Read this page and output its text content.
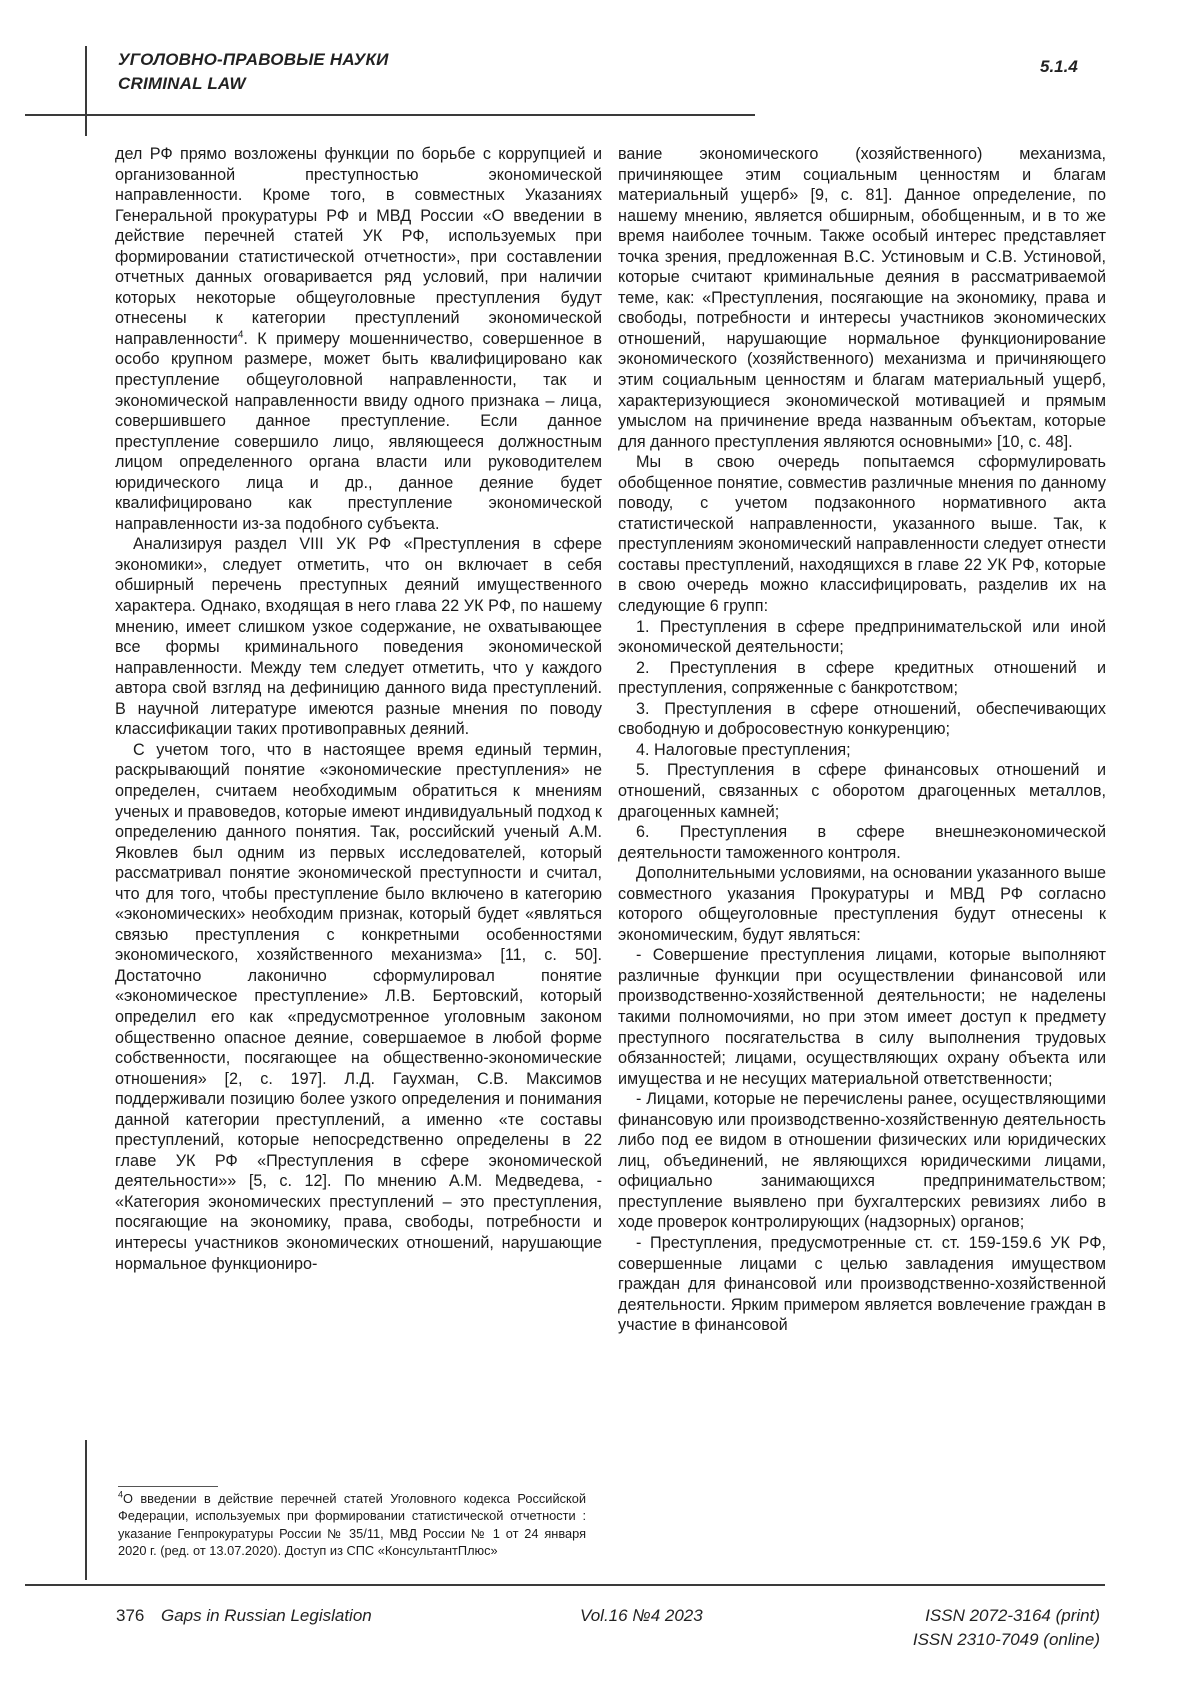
УГОЛОВНО-ПРАВОВЫЕ НАУКИ
CRIMINAL LAW
5.1.4

дел РФ прямо возложены функции по борьбе с коррупцией и организованной преступностью экономической направленности. Кроме того, в совместных Указаниях Генеральной прокуратуры РФ и МВД России «О введении в действие перечней статей УК РФ, используемых при формировании статистической отчетности», при составлении отчетных данных оговаривается ряд условий, при наличии которых некоторые общеуголовные преступления будут отнесены к категории преступлений экономической направленности$^4$. К примеру мошенничество, совершенное в особо крупном размере, может быть квалифицировано как преступление общеуголовной направленности, так и экономической направленности ввиду одного признака – лица, совершившего данное преступление. Если данное преступление совершило лицо, являющееся должностным лицом определенного органа власти или руководителем юридического лица и др., данное деяние будет квалифицировано как преступление экономической направленности из-за подобного субъекта.

Анализируя раздел VIII УК РФ «Преступления в сфере экономики», следует отметить, что он включает в себя обширный перечень преступных деяний имущественного характера. Однако, входящая в него глава 22 УК РФ, по нашему мнению, имеет слишком узкое содержание, не охватывающее все формы криминального поведения экономической направленности. Между тем следует отметить, что у каждого автора свой взгляд на дефиницию данного вида преступлений. В научной литературе имеются разные мнения по поводу классификации таких противоправных деяний.

С учетом того, что в настоящее время единый термин, раскрывающий понятие «экономические преступления» не определен, считаем необходимым обратиться к мнениям ученых и правоведов, которые имеют индивидуальный подход к определению данного понятия. Так, российский ученый А.М. Яковлев был одним из первых исследователей, который рассматривал понятие экономической преступности и считал, что для того, чтобы преступление было включено в категорию «экономических» необходим признак, который будет «являться связью преступления с конкретными особенностями экономического, хозяйственного механизма» [11, с. 50]. Достаточно лаконично сформулировал понятие «экономическое преступление» Л.В. Бертовский, который определил его как «предусмотренное уголовным законом общественно опасное деяние, совершаемое в любой форме собственности, посягающее на общественно-экономические отношения» [2, с. 197]. Л.Д. Гаухман, С.В. Максимов поддерживали позицию более узкого определения и понимания данной категории преступлений, а именно «те составы преступлений, которые непосредственно определены в 22 главе УК РФ «Преступления в сфере экономической деятельности»» [5, с. 12]. По мнению А.М. Медведева, - «Категория экономических преступлений – это преступления, посягающие на экономику, права, свободы, потребности и интересы участников экономических отношений, нарушающие нормальное функциониро-

вание экономического (хозяйственного) механизма, причиняющее этим социальным ценностям и благам материальный ущерб» [9, с. 81]. Данное определение, по нашему мнению, является обширным, обобщенным, и в то же время наиболее точным. Также особый интерес представляет точка зрения, предложенная В.С. Устиновым и С.В. Устиновой, которые считают криминальные деяния в рассматриваемой теме, как: «Преступления, посягающие на экономику, права и свободы, потребности и интересы участников экономических отношений, нарушающие нормальное функционирование экономического (хозяйственного) механизма и причиняющего этим социальным ценностям и благам материальный ущерб, характеризующиеся экономической мотивацией и прямым умыслом на причинение вреда названным объектам, которые для данного преступления являются основными» [10, с. 48].

Мы в свою очередь попытаемся сформулировать обобщенное понятие, совместив различные мнения по данному поводу, с учетом подзаконного нормативного акта статистической направленности, указанного выше. Так, к преступлениям экономический направленности следует отнести составы преступлений, находящихся в главе 22 УК РФ, которые в свою очередь можно классифицировать, разделив их на следующие 6 групп:

1. Преступления в сфере предпринимательской или иной экономической деятельности;

2. Преступления в сфере кредитных отношений и преступления, сопряженные с банкротством;

3. Преступления в сфере отношений, обеспечивающих свободную и добросовестную конкуренцию;

4. Налоговые преступления;

5. Преступления в сфере финансовых отношений и отношений, связанных с оборотом драгоценных металлов, драгоценных камней;

6. Преступления в сфере внешнеэкономической деятельности таможенного контроля.

Дополнительными условиями, на основании указанного выше совместного указания Прокуратуры и МВД РФ согласно которого общеуголовные преступления будут отнесены к экономическим, будут являться:

- Совершение преступления лицами, которые выполняют различные функции при осуществлении финансовой или производственно-хозяйственной деятельности; не наделены такими полномочиями, но при этом имеет доступ к предмету преступного посягательства в силу выполнения трудовых обязанностей; лицами, осуществляющих охрану объекта или имущества и не несущих материальной ответственности;

- Лицами, которые не перечислены ранее, осуществляющими финансовую или производственно-хозяйственную деятельность либо под ее видом в отношении физических или юридических лиц, объединений, не являющихся юридическими лицами, официально занимающихся предпринимательством; преступление выявлено при бухгалтерских ревизиях либо в ходе проверок контролирующих (надзорных) органов;

- Преступления, предусмотренные ст. ст. 159-159.6 УК РФ, совершенные лицами с целью завладения имуществом граждан для финансовой или производственно-хозяйственной деятельности. Ярким примером является вовлечение граждан в участие в финансовой

$^4$О введении в действие перечней статей Уголовного кодекса Российской Федерации, используемых при формировании статистической отчетности : указание Генпрокуратуры России № 35/11, МВД России № 1 от 24 января 2020 г. (ред. от 13.07.2020). Доступ из СПС «КонсультантПлюс»
376 Gaps in Russian Legislation	Vol.16 №4 2023	ISSN 2072-3164 (print)
ISSN 2310-7049 (online)
